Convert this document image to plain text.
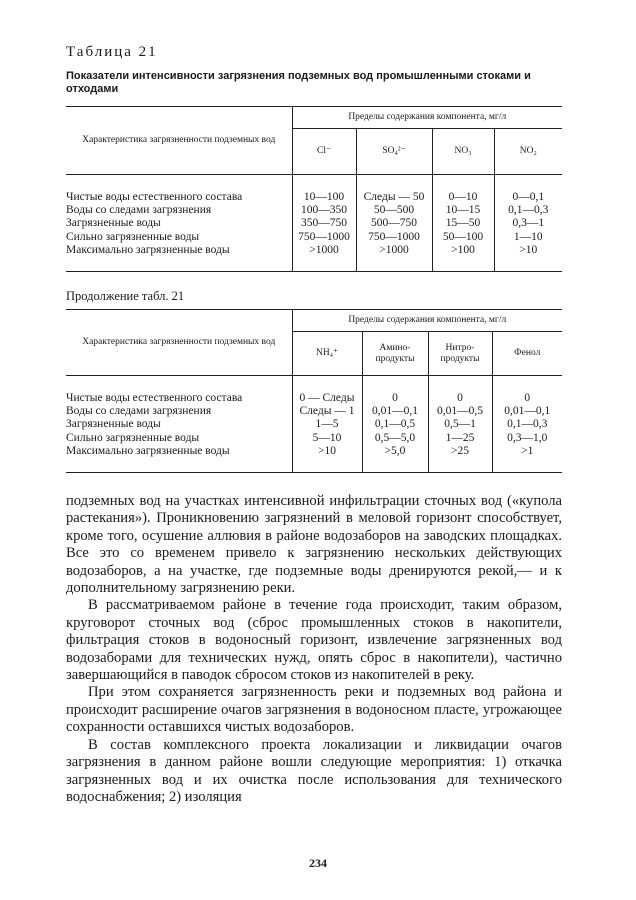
Таблица 21
Показатели интенсивности загрязнения подземных вод промышленными стоками и отходами
Характеристика загрязненности подземных вод	Пределы содержания компонента, мг/л			
	Cl⁻	SO₄²⁻	NO₃	NO₂
Чистые воды естественного состава	10—100	Следы — 50	0—10	0—0,1
Воды со следами загрязнения	100—350	50—500	10—15	0,1—0,3
Загрязненные воды	350—750	500—750	15—50	0,3—1
Сильно загрязненные воды	750—1000	750—1000	50—100	1—10
Максимально загрязненные воды	>1000	>1000	>100	>10
Продолжение табл. 21
Характеристика загрязненности подземных вод	Пределы содержания компонента, мг/л			
	NH₄⁺	Амино-продукты	Нитро-продукты	Фенол
Чистые воды естественного состава	0 — Следы	0	0	0
Воды со следами загрязнения	Следы — 1	0,01—0,1	0,01—0,5	0,01—0,1
Загрязненные воды	1—5	0,1—0,5	0,5—1	0,1—0,3
Сильно загрязненные воды	5—10	0,5—5,0	1—25	0,3—1,0
Максимально загрязненные воды	>10	>5,0	>25	>1

подземных вод на участках интенсивной инфильтрации сточных вод («купола растекания»). Проникновению загрязнений в меловой горизонт способствует, кроме того, осушение аллювия в районе водозаборов на заводских площадках. Все это со временем привело к загрязнению нескольких действующих водозаборов, а на участке, где подземные воды дренируются рекой,— и к дополнительному загрязнению реки.

В рассматриваемом районе в течение года происходит, таким образом, круговорот сточных вод (сброс промышленных стоков в накопители, фильтрация стоков в водоносный горизонт, извлечение загрязненных вод водозаборами для технических нужд, опять сброс в накопители), частично завершающийся в паводок сбросом стоков из накопителей в реку.

При этом сохраняется загрязненность реки и подземных вод района и происходит расширение очагов загрязнения в водоносном пласте, угрожающее сохранности оставшихся чистых водозаборов.

В состав комплексного проекта локализации и ликвидации очагов загрязнения в данном районе вошли следующие мероприятия: 1) откачка загрязненных вод и их очистка после использования для технического водоснабжения; 2) изоляция

234
